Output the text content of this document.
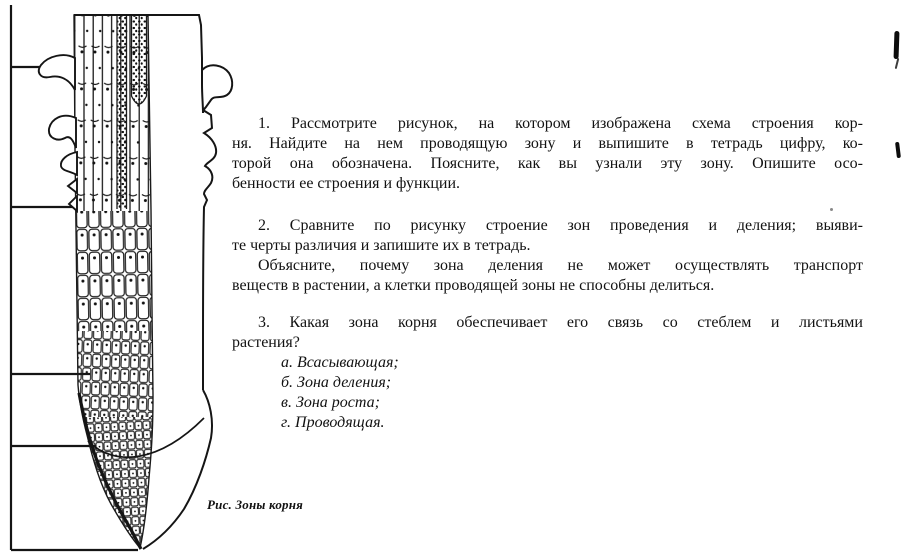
Рис. Зоны корня
1. Рассмотрите рисунок, на котором изображена схема строения кор-
ня. Найдите на нем проводящую зону и выпишите в тетрадь цифру, ко-
торой она обозначена. Поясните, как вы узнали эту зону. Опишите осо-
бенности ее строения и функции.
2. Сравните по рисунку строение зон проведения и деления; выяви-
те черты различия и запишите их в тетрадь.
Объясните, почему зона деления не может осуществлять транспорт
веществ в растении, а клетки проводящей зоны не способны делиться.
3. Какая зона корня обеспечивает его связь со стеблем и листьями
растения?
а. Всасывающая;
б. Зона деления;
в. Зона роста;
г. Проводящая.
